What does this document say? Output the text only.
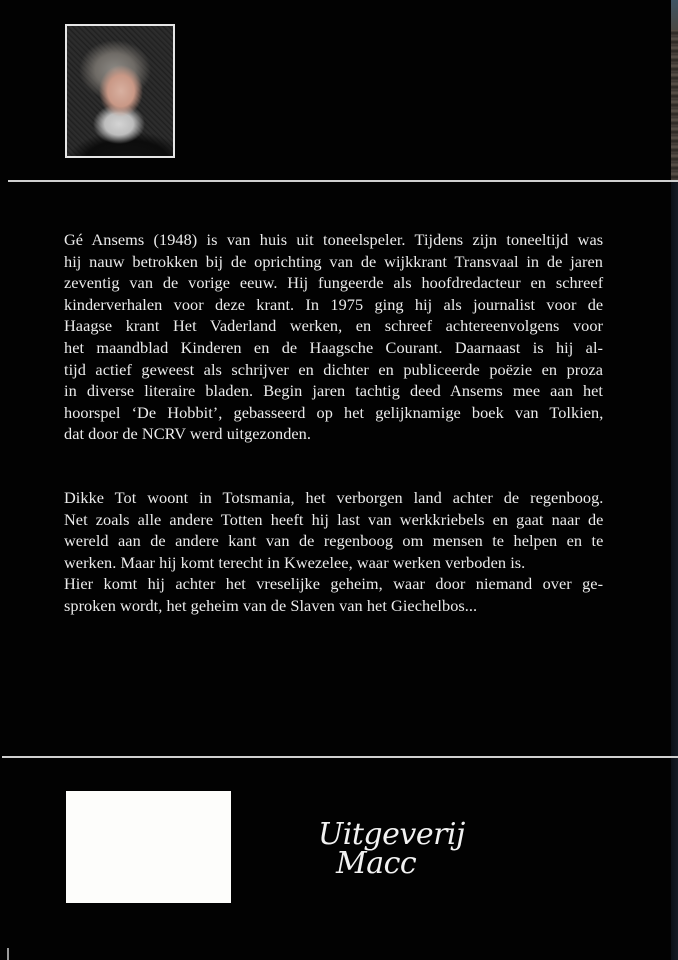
Gé Ansems (1948) is van huis uit toneelspeler. Tijdens zijn toneeltijd was
hij nauw betrokken bij de oprichting van de wijkkrant Transvaal in de jaren
zeventig van de vorige eeuw. Hij fungeerde als hoofdredacteur en schreef
kinderverhalen voor deze krant. In 1975 ging hij als journalist voor de
Haagse krant Het Vaderland werken, en schreef achtereenvolgens voor
het maandblad Kinderen en de Haagsche Courant. Daarnaast is hij al-
tijd actief geweest als schrijver en dichter en publiceerde poëzie en proza
in diverse literaire bladen. Begin jaren tachtig deed Ansems mee aan het
hoorspel ‘De Hobbit’, gebasseerd op het gelijknamige boek van Tolkien,
dat door de NCRV werd uitgezonden.
Dikke Tot woont in Totsmania, het verborgen land achter de regenboog.
Net zoals alle andere Totten heeft hij last van werkkriebels en gaat naar de
wereld aan de andere kant van de regenboog om mensen te helpen en te
werken. Maar hij komt terecht in Kwezelee, waar werken verboden is.
Hier komt hij achter het vreselijke geheim, waar door niemand over ge-
sproken wordt, het geheim van de Slaven van het Giechelbos...
Uitgeverij
Macc
